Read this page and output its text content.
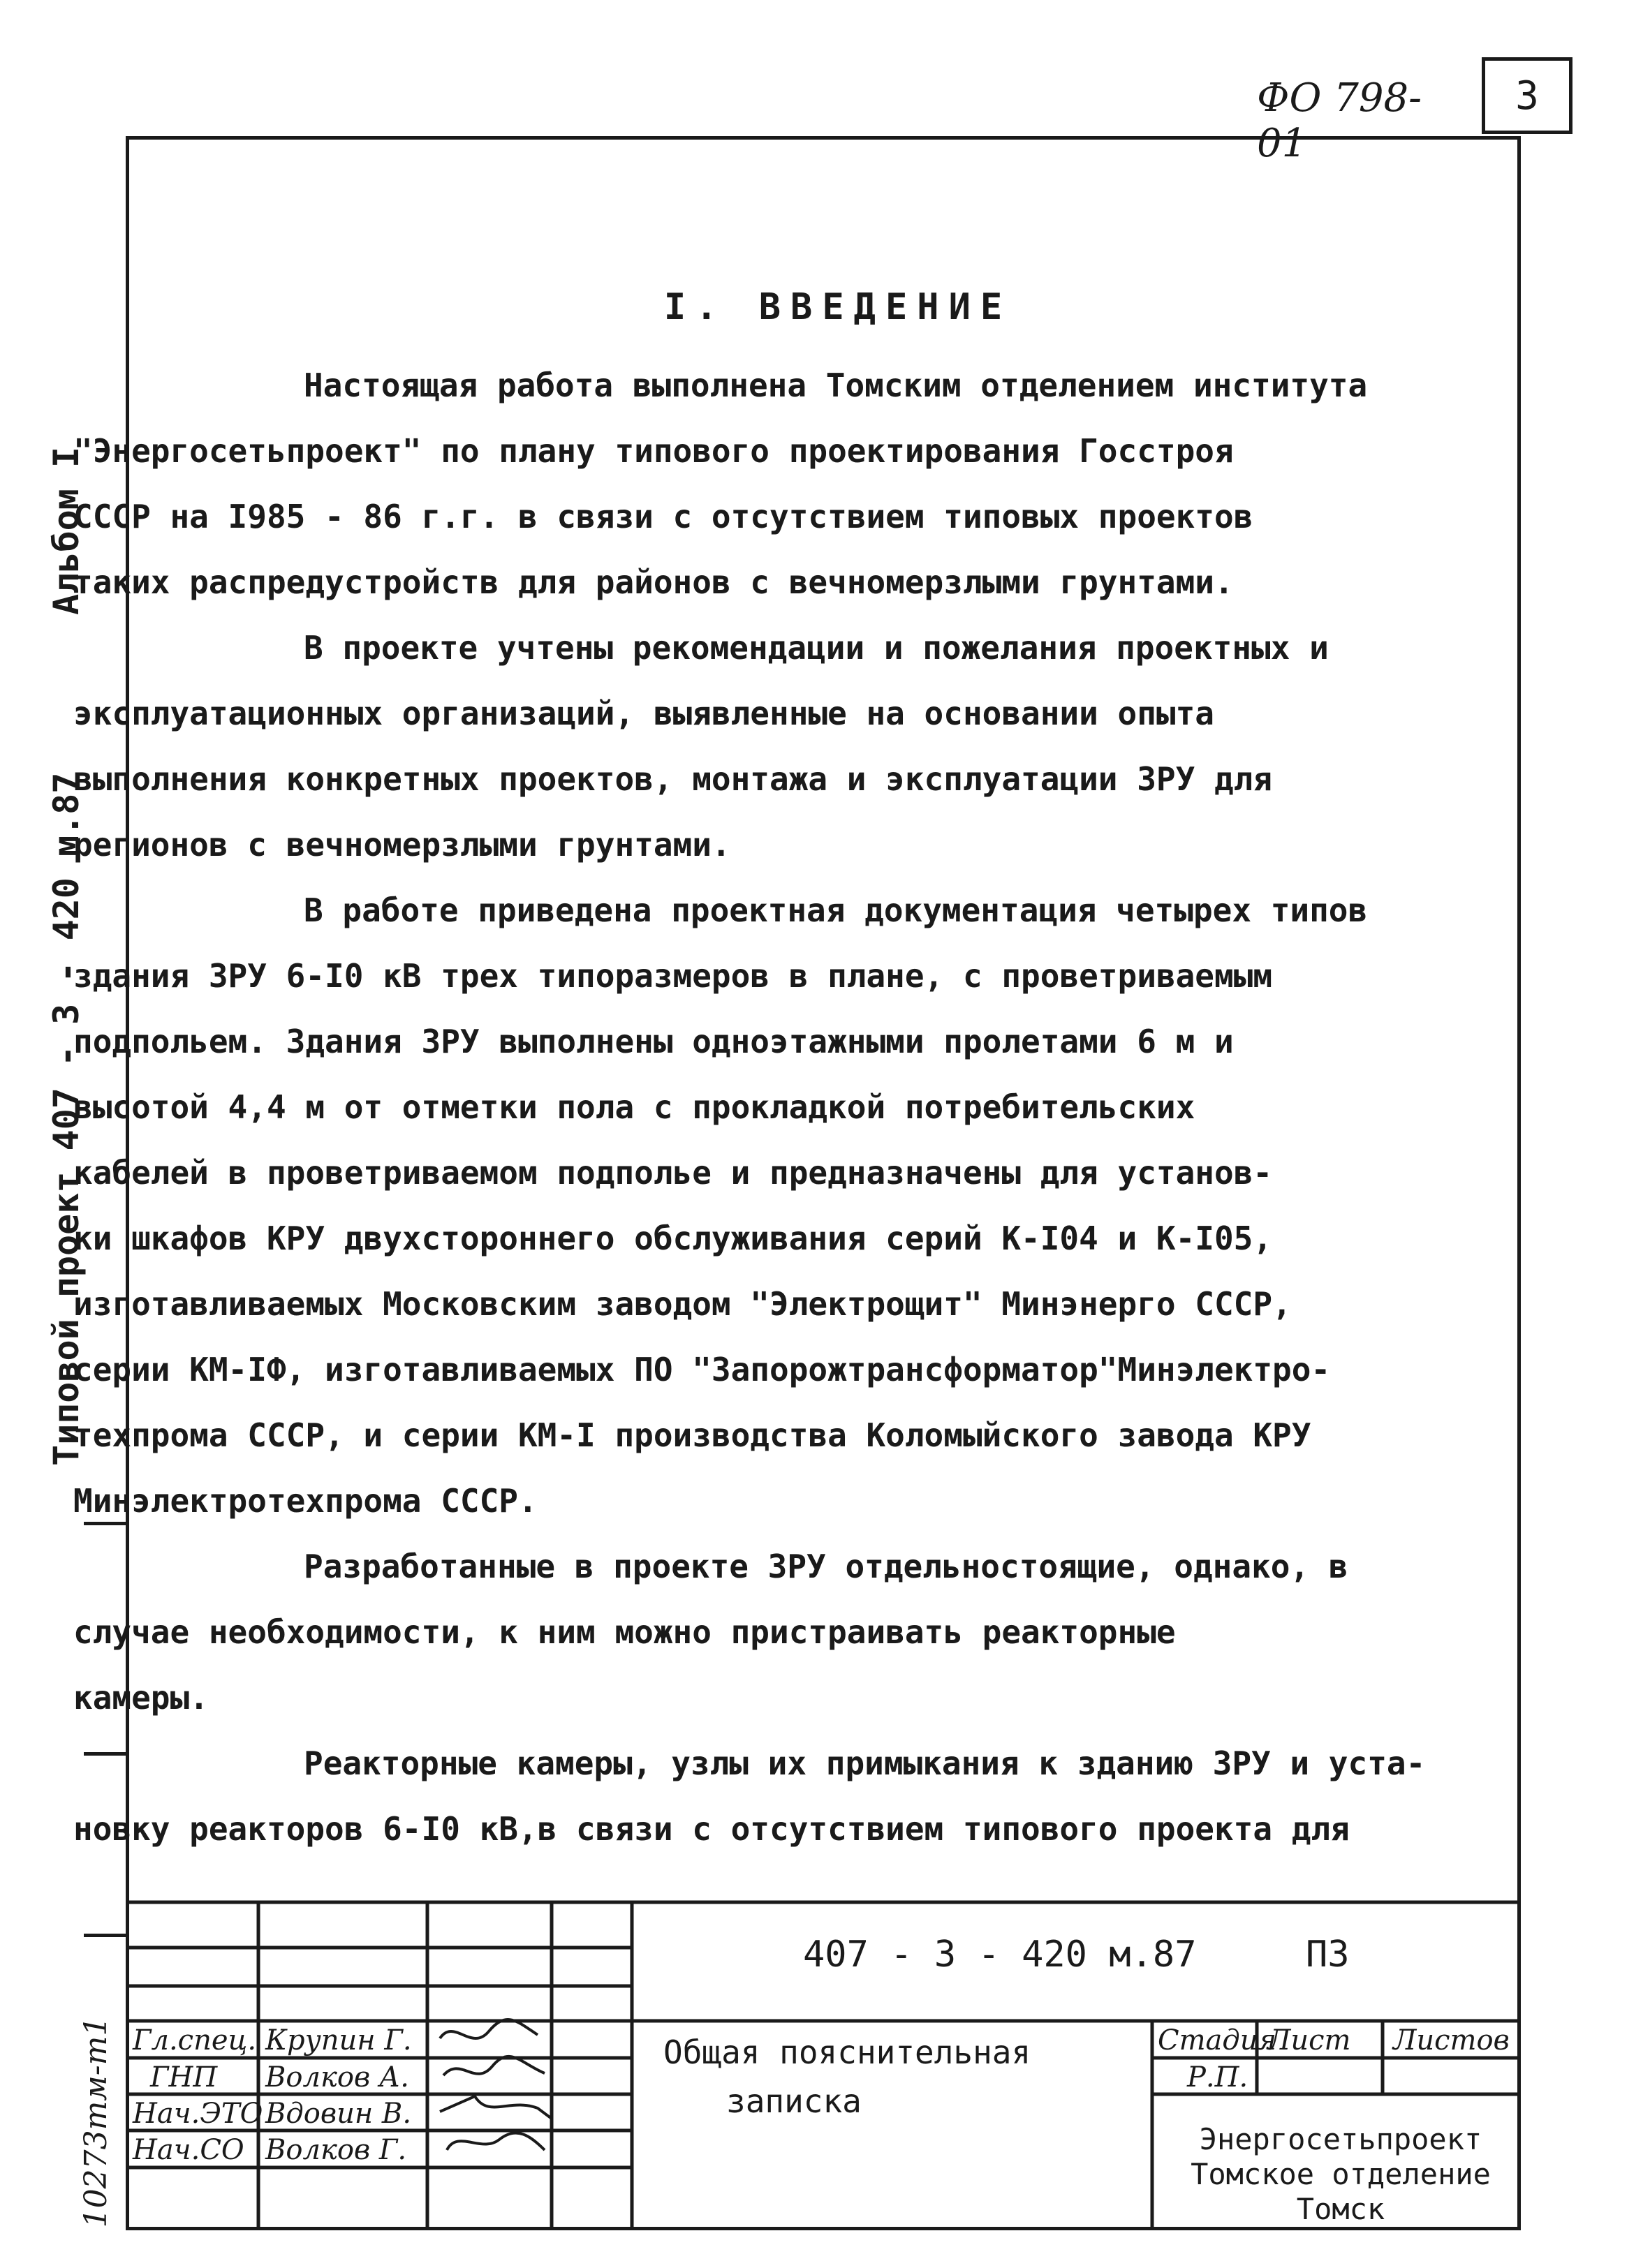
ФО 798-01
3
Типовой проект 407 - 3 - 420 м.87
Альбом I
I. ВВЕДЕНИЕ

Настоящая работа выполнена Томским отделением института
"Энергосетьпроект" по плану типового проектирования Госстроя
СССР на I985 - 86 г.г. в связи с отсутствием типовых проектов
таких распредустройств для районов с вечномерзлыми грунтами.

В проекте учтены рекомендации и пожелания проектных и
эксплуатационных организаций, выявленные на основании опыта
выполнения конкретных проектов, монтажа и эксплуатации ЗРУ для
регионов с вечномерзлыми грунтами.

В работе приведена проектная документация четырех типов
здания ЗРУ 6-I0 кВ трех типоразмеров в плане, с проветриваемым
подпольем. Здания ЗРУ выполнены одноэтажными пролетами 6 м и
высотой 4,4 м от отметки пола с прокладкой потребительских
кабелей в проветриваемом подполье и предназначены для установ-
ки шкафов КРУ двухстороннего обслуживания серий К-I04 и К-I05,
изготавливаемых Московским заводом "Электрощит" Минэнерго СССР,
серии КМ-IФ, изготавливаемых ПО "Запорожтрансформатор"Минэлектро-
техпрома СССР, и серии КМ-I производства Коломыйского завода КРУ
Минэлектротехпрома СССР.

Разработанные в проекте ЗРУ отдельностоящие, однако, в
случае необходимости, к ним можно пристраивать реакторные
камеры.

Реакторные камеры, узлы их примыкания к зданию ЗРУ и уста-
новку реакторов 6-I0 кВ,в связи с отсутствием типового проекта для

407 - 3 - 420 м.87	ПЗ
Общая пояснительная
записка
Стадия
Лист Листов
Р.П.
Энергосетьпроект
Томское отделение
Томск
Гл.спец. Крупин Г.
ГНП Волков А.
Нач.ЭТО Вдовин В.
Нач.СО Волков Г.
10273тм-т1
